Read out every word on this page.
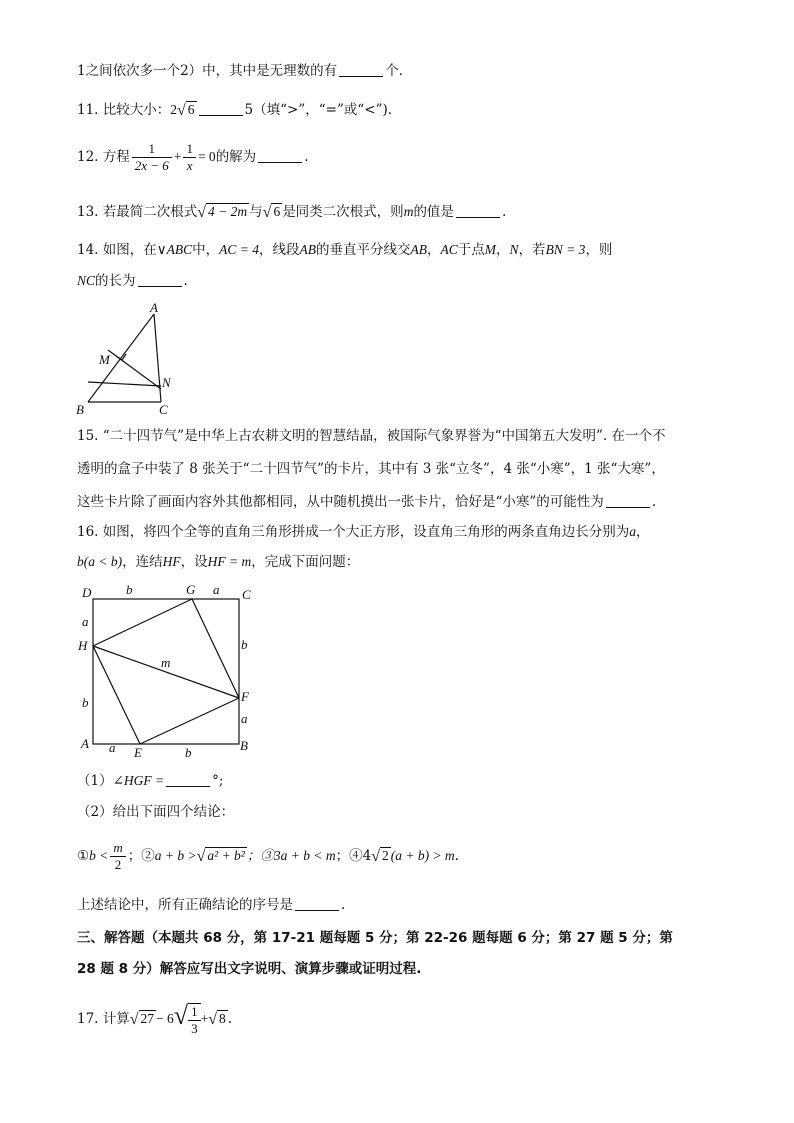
1之间依次多一个2）中，其中是无理数的有	个．
11. 比较大小：2√ 6	5（填“>”，“=”或“<”).
12. 方程 $\frac{1}{2x - 6} + \frac{1}{x} = 0$的解为	.
13. 若最简二次根式√ 4 − 2m 与√ 6 是同类二次根式，则m的值是	.
14. 如图，在∨ABC中，AC = 4，线段AB的垂直平分线交AB，AC于点M，N，若BN = 3，则
NC的长为	.
A
M
N
B	C
15. “二十四节气”是中华上古农耕文明的智慧结晶，被国际气象界誉为“中国第五大发明”. 在一个不
透明的盒子中装了 8 张关于“二十四节气”的卡片，其中有 3 张“立冬”，4 张“小寒”，1 张“大寒”，
这些卡片除了画面内容外其他都相同，从中随机摸出一张卡片，恰好是“小寒”的可能性为	.
16. 如图，将四个全等的直角三角形拼成一个大正方形，设直角三角形的两条直角边长分别为a，
b(a < b)，连结HF，设HF = m，完成下面问题：
D	b	G a C
a
H	b
m
F
b
a
A a E	b	B
（1）∠HGF =	°;
（2）给出下面四个结论：
①b < $\frac{m}{2}$ ；②a + b >√ a² + b² ；③3a + b < m；④4√ 2 (a + b) > m.
上述结论中，所有正确结论的序号是	.
三、解答题（本题共 68 分，第 17-21 题每题 5 分；第 22-26 题每题 6 分；第 27 题 5 分；第
28 题 8 分）解答应写出文字说明、演算步骤或证明过程.
17. 计算√ $27 - 6√ \frac{1}{3}$ +√ 8 .
